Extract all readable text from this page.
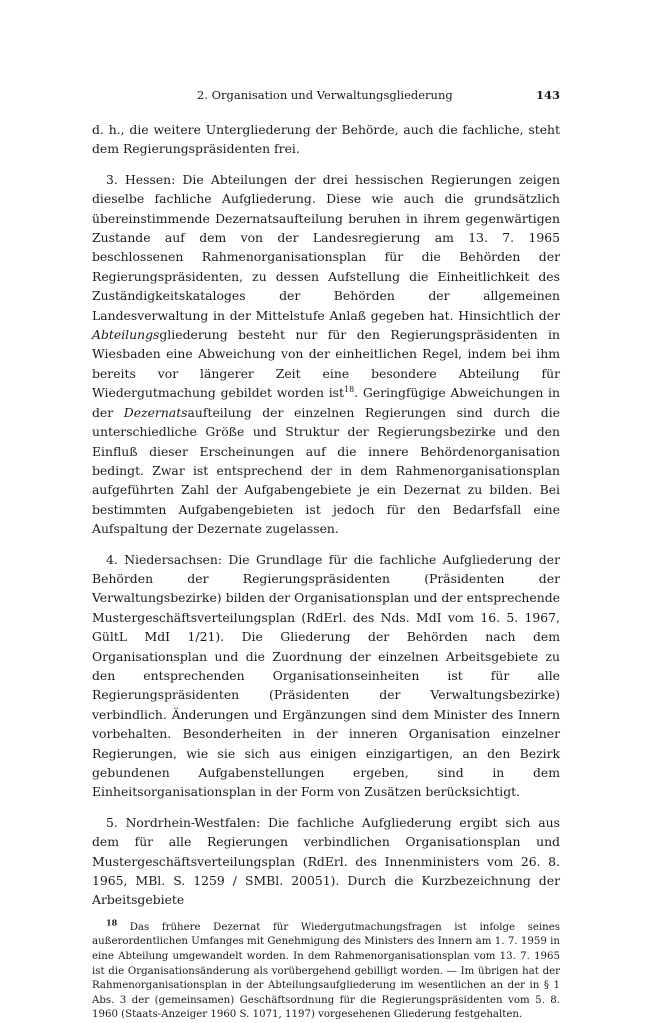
2. Organisation und Verwaltungsgliederung	143

d. h., die weitere Untergliederung der Behörde, auch die fachliche, steht dem Regierungspräsidenten frei.

3. Hessen: Die Abteilungen der drei hessischen Regierungen zeigen dieselbe fachliche Aufgliederung. Diese wie auch die grundsätzlich übereinstimmende Dezernatsaufteilung beruhen in ihrem gegenwärtigen Zustande auf dem von der Landesregierung am 13. 7. 1965 beschlossenen Rahmenorganisationsplan für die Behörden der Regierungspräsidenten, zu dessen Aufstellung die Einheitlichkeit des Zuständigkeitskataloges der Behörden der allgemeinen Landesverwaltung in der Mittelstufe Anlaß gegeben hat. Hinsichtlich der Abteilungsgliederung besteht nur für den Regierungspräsidenten in Wiesbaden eine Abweichung von der einheitlichen Regel, indem bei ihm bereits vor längerer Zeit eine besondere Abteilung für Wiedergutmachung gebildet worden ist$^{18}$. Geringfügige Abweichungen in der Dezernatsaufteilung der einzelnen Regierungen sind durch die unterschiedliche Größe und Struktur der Regierungsbezirke und den Einfluß dieser Erscheinungen auf die innere Behördenorganisation bedingt. Zwar ist entsprechend der in dem Rahmenorganisationsplan aufgeführten Zahl der Aufgabengebiete je ein Dezernat zu bilden. Bei bestimmten Aufgabengebieten ist jedoch für den Bedarfsfall eine Aufspaltung der Dezernate zugelassen.

4. Niedersachsen: Die Grundlage für die fachliche Aufgliederung der Behörden der Regierungspräsidenten (Präsidenten der Verwaltungsbezirke) bilden der Organisationsplan und der entsprechende Mustergeschäftsverteilungsplan (RdErl. des Nds. MdI vom 16. 5. 1967, GültL MdI 1/21). Die Gliederung der Behörden nach dem Organisationsplan und die Zuordnung der einzelnen Arbeitsgebiete zu den entsprechenden Organisationseinheiten ist für alle Regierungspräsidenten (Präsidenten der Verwaltungsbezirke) verbindlich. Änderungen und Ergänzungen sind dem Minister des Innern vorbehalten. Besonderheiten in der inneren Organisation einzelner Regierungen, wie sie sich aus einigen einzigartigen, an den Bezirk gebundenen Aufgabenstellungen ergeben, sind in dem Einheitsorganisationsplan in der Form von Zusätzen berücksichtigt.

5. Nordrhein-Westfalen: Die fachliche Aufgliederung ergibt sich aus dem für alle Regierungen verbindlichen Organisationsplan und Mustergeschäftsverteilungsplan (RdErl. des Innenministers vom 26. 8. 1965, MBl. S. 1259 / SMBl. 20051). Durch die Kurzbezeichnung der Arbeitsgebiete

$^{18}$ Das frühere Dezernat für Wiedergutmachungsfragen ist infolge seines außerordentlichen Umfanges mit Genehmigung des Ministers des Innern am 1. 7. 1959 in eine Abteilung umgewandelt worden. In dem Rahmenorganisationsplan vom 13. 7. 1965 ist die Organisationsänderung als vorübergehend gebilligt worden. — Im übrigen hat der Rahmenorganisationsplan in der Abteilungsaufgliederung im wesentlichen an der in § 1 Abs. 3 der (gemeinsamen) Geschäftsordnung für die Regierungspräsidenten vom 5. 8. 1960 (Staats-Anzeiger 1960 S. 1071, 1197) vorgesehenen Gliederung festgehalten.
